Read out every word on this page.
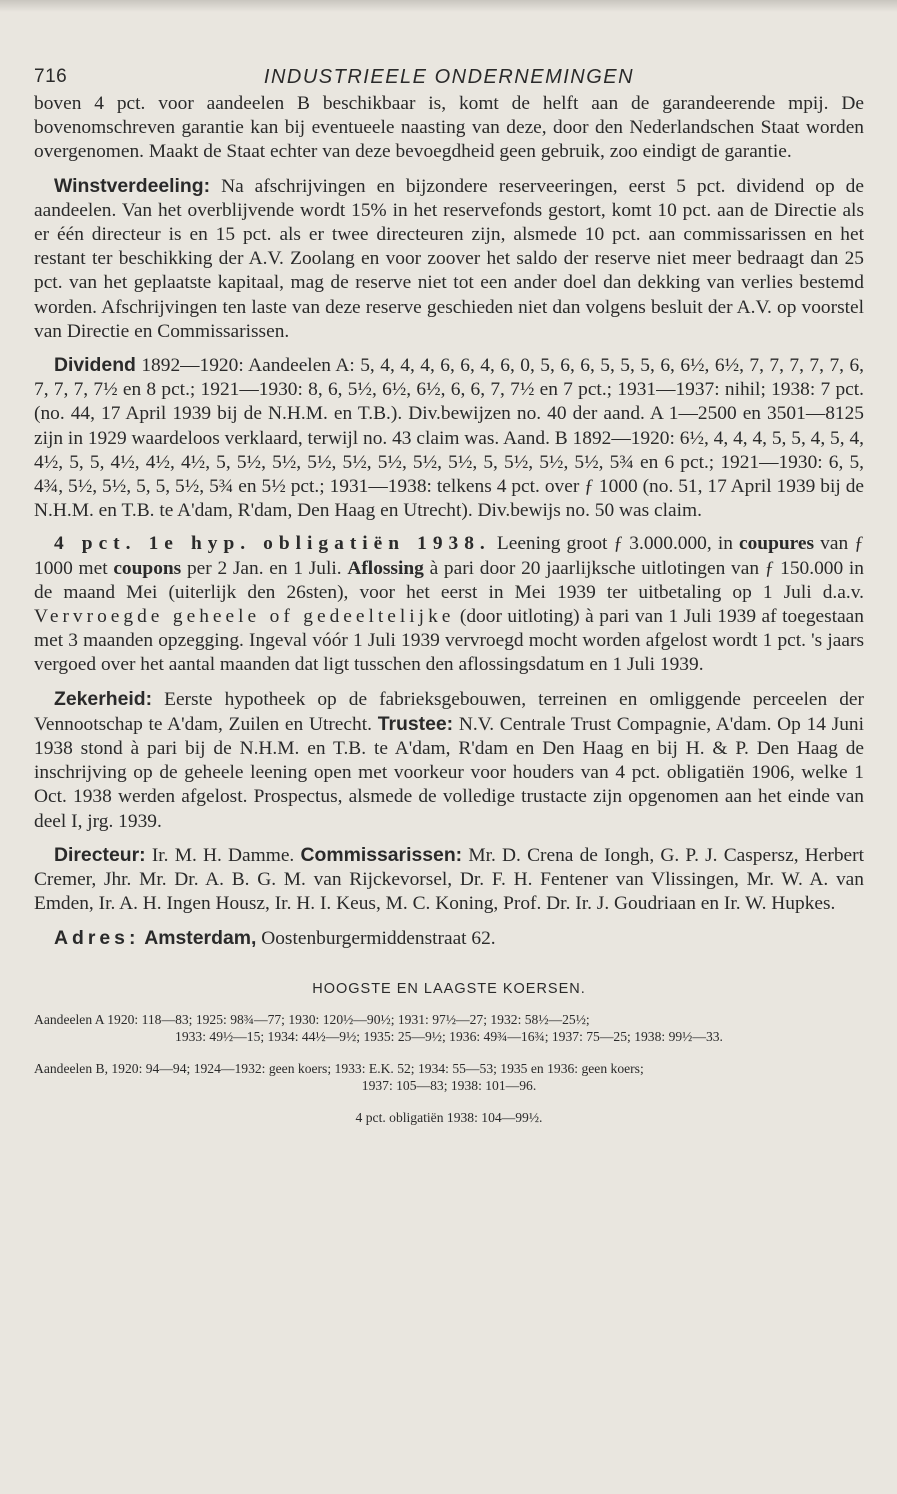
716	INDUSTRIEELE ONDERNEMINGEN

boven 4 pct. voor aandeelen B beschikbaar is, komt de helft aan de garandeerende mpij. De bovenomschreven garantie kan bij eventueele naasting van deze, door den Nederlandschen Staat worden overgenomen. Maakt de Staat echter van deze bevoegdheid geen gebruik, zoo eindigt de garantie.

Winstverdeeling: Na afschrijvingen en bijzondere reserveeringen, eerst 5 pct. dividend op de aandeelen. Van het overblijvende wordt 15% in het reservefonds gestort, komt 10 pct. aan de Directie als er één directeur is en 15 pct. als er twee directeuren zijn, alsmede 10 pct. aan commissarissen en het restant ter beschikking der A.V. Zoolang en voor zoover het saldo der reserve niet meer bedraagt dan 25 pct. van het geplaatste kapitaal, mag de reserve niet tot een ander doel dan dekking van verlies bestemd worden. Afschrijvingen ten laste van deze reserve geschieden niet dan volgens besluit der A.V. op voorstel van Directie en Commissarissen.

Dividend 1892—1920: Aandeelen A: 5, 4, 4, 4, 6, 6, 4, 6, 0, 5, 6, 6, 5, 5, 5, 6, 6½, 6½, 7, 7, 7, 7, 7, 6, 7, 7, 7, 7½ en 8 pct.; 1921—1930: 8, 6, 5½, 6½, 6½, 6, 6, 7, 7½ en 7 pct.; 1931—1937: nihil; 1938: 7 pct. (no. 44, 17 April 1939 bij de N.H.M. en T.B.). Div.bewijzen no. 40 der aand. A 1—2500 en 3501—8125 zijn in 1929 waardeloos verklaard, terwijl no. 43 claim was. Aand. B 1892—1920: 6½, 4, 4, 4, 5, 5, 4, 5, 4, 4½, 5, 5, 4½, 4½, 4½, 5, 5½, 5½, 5½, 5½, 5½, 5½, 5½, 5, 5½, 5½, 5½, 5¾ en 6 pct.; 1921—1930: 6, 5, 4¾, 5½, 5½, 5, 5, 5½, 5¾ en 5½ pct.; 1931—1938: telkens 4 pct. over ƒ 1000 (no. 51, 17 April 1939 bij de N.H.M. en T.B. te A'dam, R'dam, Den Haag en Utrecht). Div.bewijs no. 50 was claim.

4 pct. 1e hyp. obligatiën 1938. Leening groot ƒ 3.000.000, in coupures van ƒ 1000 met coupons per 2 Jan. en 1 Juli. Aflossing à pari door 20 jaarlijksche uitlotingen van ƒ 150.000 in de maand Mei (uiterlijk den 26sten), voor het eerst in Mei 1939 ter uitbetaling op 1 Juli d.a.v. Vervroegde geheele of gedeeltelijke (door uitloting) à pari van 1 Juli 1939 af toegestaan met 3 maanden opzegging. Ingeval vóór 1 Juli 1939 vervroegd mocht worden afgelost wordt 1 pct. 's jaars vergoed over het aantal maanden dat ligt tusschen den aflossingsdatum en 1 Juli 1939.

Zekerheid: Eerste hypotheek op de fabrieksgebouwen, terreinen en omliggende perceelen der Vennootschap te A'dam, Zuilen en Utrecht. Trustee: N.V. Centrale Trust Compagnie, A'dam. Op 14 Juni 1938 stond à pari bij de N.H.M. en T.B. te A'dam, R'dam en Den Haag en bij H. & P. Den Haag de inschrijving op de geheele leening open met voorkeur voor houders van 4 pct. obligatiën 1906, welke 1 Oct. 1938 werden afgelost. Prospectus, alsmede de volledige trustacte zijn opgenomen aan het einde van deel I, jrg. 1939.

Directeur: Ir. M. H. Damme. Commissarissen: Mr. D. Crena de Iongh, G. P. J. Caspersz, Herbert Cremer, Jhr. Mr. Dr. A. B. G. M. van Rijckevorsel, Dr. F. H. Fentener van Vlissingen, Mr. W. A. van Emden, Ir. A. H. Ingen Housz, Ir. H. I. Keus, M. C. Koning, Prof. Dr. Ir. J. Goudriaan en Ir. W. Hupkes.

Adres: Amsterdam, Oostenburgermiddenstraat 62.

HOOGSTE EN LAAGSTE KOERSEN.

Aandeelen A 1920: 118—83; 1925: 98¾—77; 1930: 120½—90½; 1931: 97½—27; 1932: 58½—25½;

1933: 49½—15; 1934: 44½—9½; 1935: 25—9½; 1936: 49¾—16¾; 1937: 75—25; 1938: 99½—33.

Aandeelen B, 1920: 94—94; 1924—1932: geen koers; 1933: E.K. 52; 1934: 55—53; 1935 en 1936: geen koers;

1937: 105—83; 1938: 101—96.

4 pct. obligatiën 1938: 104—99½.
